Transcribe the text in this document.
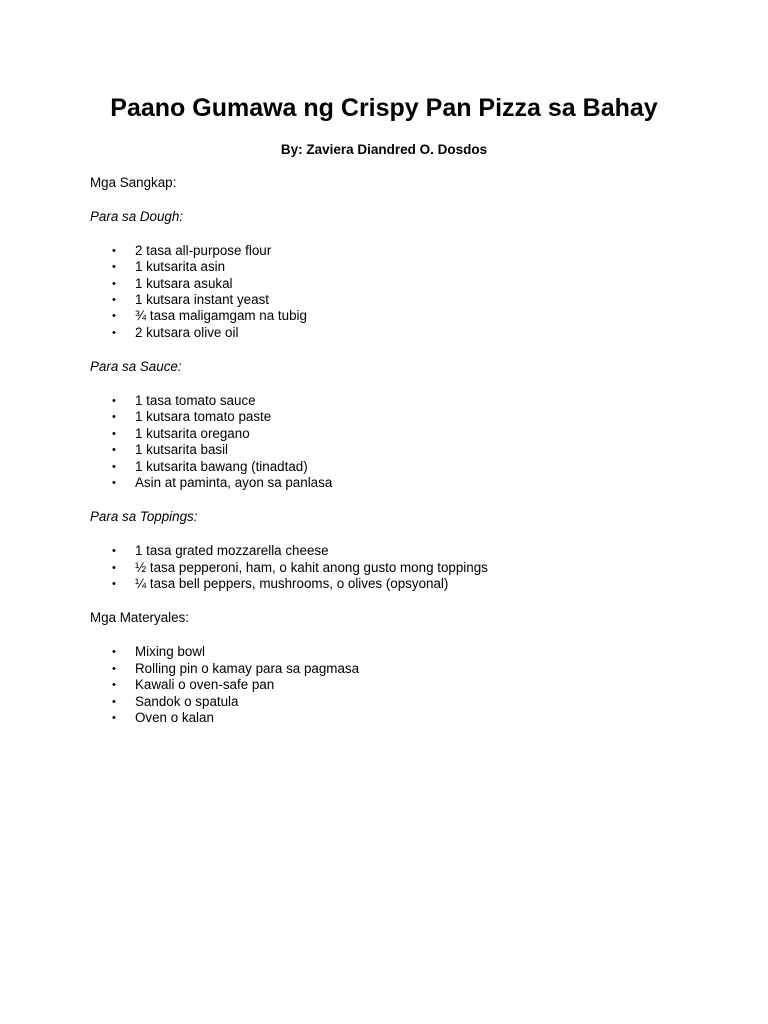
Paano Gumawa ng Crispy Pan Pizza sa Bahay
By: Zaviera Diandred O. Dosdos

Mga Sangkap:

Para sa Dough:

• 2 tasa all-purpose flour
• 1 kutsarita asin
• 1 kutsara asukal
• 1 kutsara instant yeast
• ¾ tasa maligamgam na tubig
• 2 kutsara olive oil

Para sa Sauce:

• 1 tasa tomato sauce
• 1 kutsara tomato paste
• 1 kutsarita oregano
• 1 kutsarita basil
• 1 kutsarita bawang (tinadtad)
• Asin at paminta, ayon sa panlasa

Para sa Toppings:

• 1 tasa grated mozzarella cheese
• ½ tasa pepperoni, ham, o kahit anong gusto mong toppings
• ¼ tasa bell peppers, mushrooms, o olives (opsyonal)

Mga Materyales:

• Mixing bowl
• Rolling pin o kamay para sa pagmasa
• Kawali o oven-safe pan
• Sandok o spatula
• Oven o kalan
